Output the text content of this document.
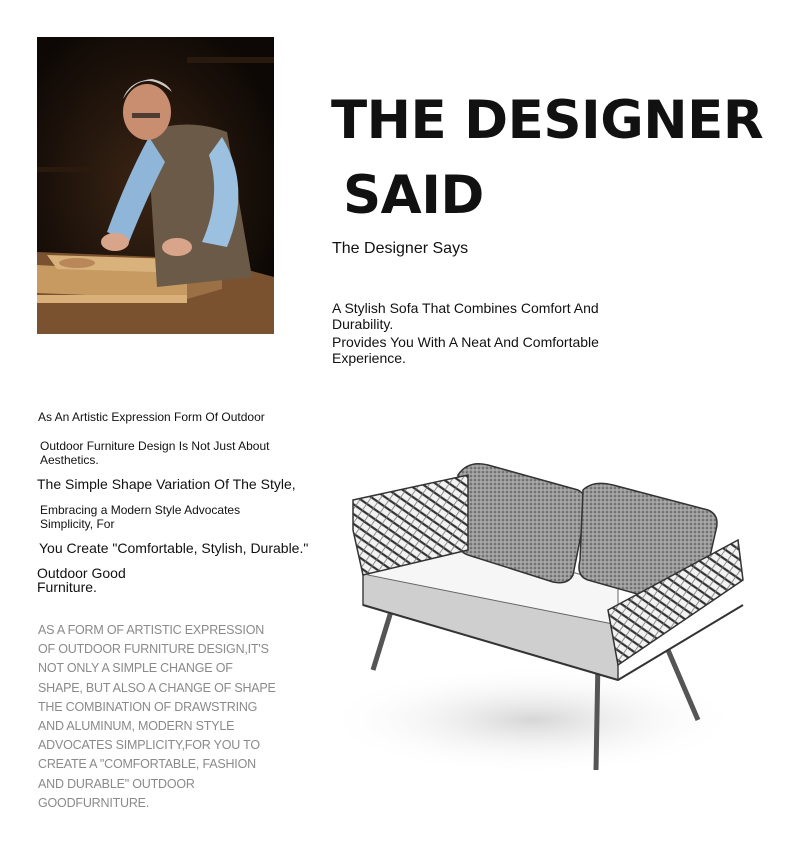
THE DESIGNER
SAID
The Designer Says
A Stylish Sofa That Combines Comfort And
Durability.
Provides You With A Neat And Comfortable
Experience.
As An Artistic Expression Form Of Outdoor
Outdoor Furniture Design Is Not Just About Aesthetics.
The Simple Shape Variation Of The Style,
Embracing a Modern Style Advocates Simplicity, For
You Create "Comfortable, Stylish, Durable."
Outdoor Good Furniture.
AS A FORM OF ARTISTIC EXPRESSION OF OUTDOOR FURNITURE DESIGN,IT'S NOT ONLY A SIMPLE CHANGE OF SHAPE, BUT ALSO A CHANGE OF SHAPE THE COMBINATION OF DRAWSTRING AND ALUMINUM, MODERN STYLE ADVOCATES SIMPLICITY,FOR YOU TO CREATE A "COMFORTABLE, FASHION AND DURABLE" OUTDOOR GOODFURNITURE.
